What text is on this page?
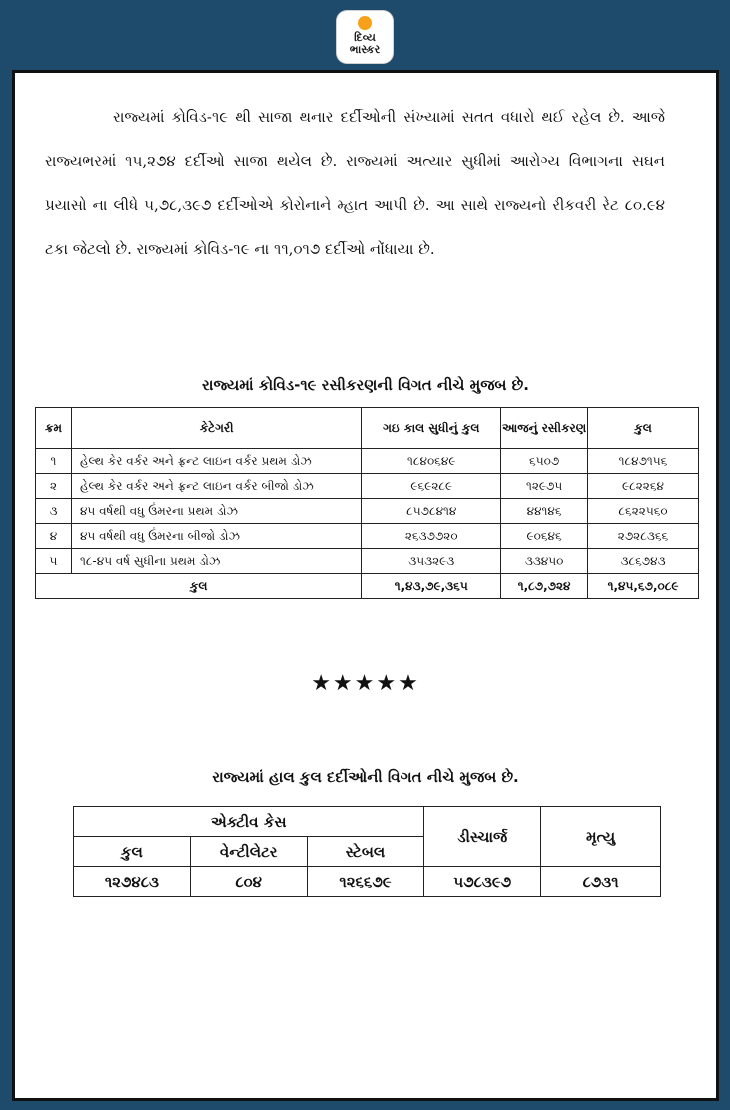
દિવ્ય
ભાસ્કર

રાજ્યમાં કોવિડ-૧૯ થી સાજા થનાર દર્દીઓની સંખ્યામાં સતત વધારો થઈ રહેલ છે. આજે રાજ્યભરમાં ૧૫,૨૭૪ દર્દીઓ સાજા થયેલ છે. રાજ્યમાં અત્યાર સુધીમાં આરોગ્ય વિભાગના સઘન પ્રયાસો ના લીધે ૫,૭૮,૩૯૭ દર્દીઓએ કોરોનાને મ્હાત આપી છે. આ સાથે રાજ્યનો રીકવરી રેટ ૮૦.૯૪ ટકા જેટલો છે. રાજ્યમાં કોવિડ-૧૯ ના ૧૧,૦૧૭ દર્દીઓ નોંધાયા છે.

રાજ્યમાં કોવિડ-૧૯ રસીકરણની વિગત નીચે મુજબ છે.
ક્રમ	કેટેગરી	ગઇ કાલ સુધીનું કુલ	આજનું રસીકરણ	કુલ
૧	હેલ્થ કેર વર્કર અને ફ્રન્ટ લાઇન વર્કર પ્રથમ ડોઝ	૧૮૪૦૬૪૯	૬૫૦૭	૧૮૪૭૧૫૬
૨	હેલ્થ કેર વર્કર અને ફ્રન્ટ લાઇન વર્કર બીજો ડોઝ	૯૬૯૨૮૯	૧૨૯૭૫	૯૮૨૨૬૪
૩	૪૫ વર્ષથી વધુ ઉંમરના પ્રથમ ડોઝ	૮૫૭૮૪૧૪	૪૪૧૪૬	૮૬૨૨૫૬૦
૪	૪૫ વર્ષથી વધુ ઉંમરના બીજો ડોઝ	૨૬૩૭૭૨૦	૯૦૬૪૬	૨૭૨૮૩૬૬
૫	૧૮-૪૫ વર્ષ સુધીના પ્રથમ ડોઝ	૩૫૩૨૯૩	૩૩૪૫૦	૩૮૬૭૪૩
કુલ		૧,૪૩,૭૯,૩૬૫	૧,૮૭,૭૨૪	૧,૪૫,૬૭,૦૮૯
★★★★★
રાજ્યમાં હાલ કુલ દર્દીઓની વિગત નીચે મુજબ છે.
એક્ટીવ કેસ			ડીસ્ચાર્જ	મૃત્યુ
કુલ	વેન્ટીલેટર	સ્ટેબલ		
૧૨૭૪૮૩	૮૦૪	૧૨૬૬૭૯	૫૭૮૩૯૭	૮૭૩૧
